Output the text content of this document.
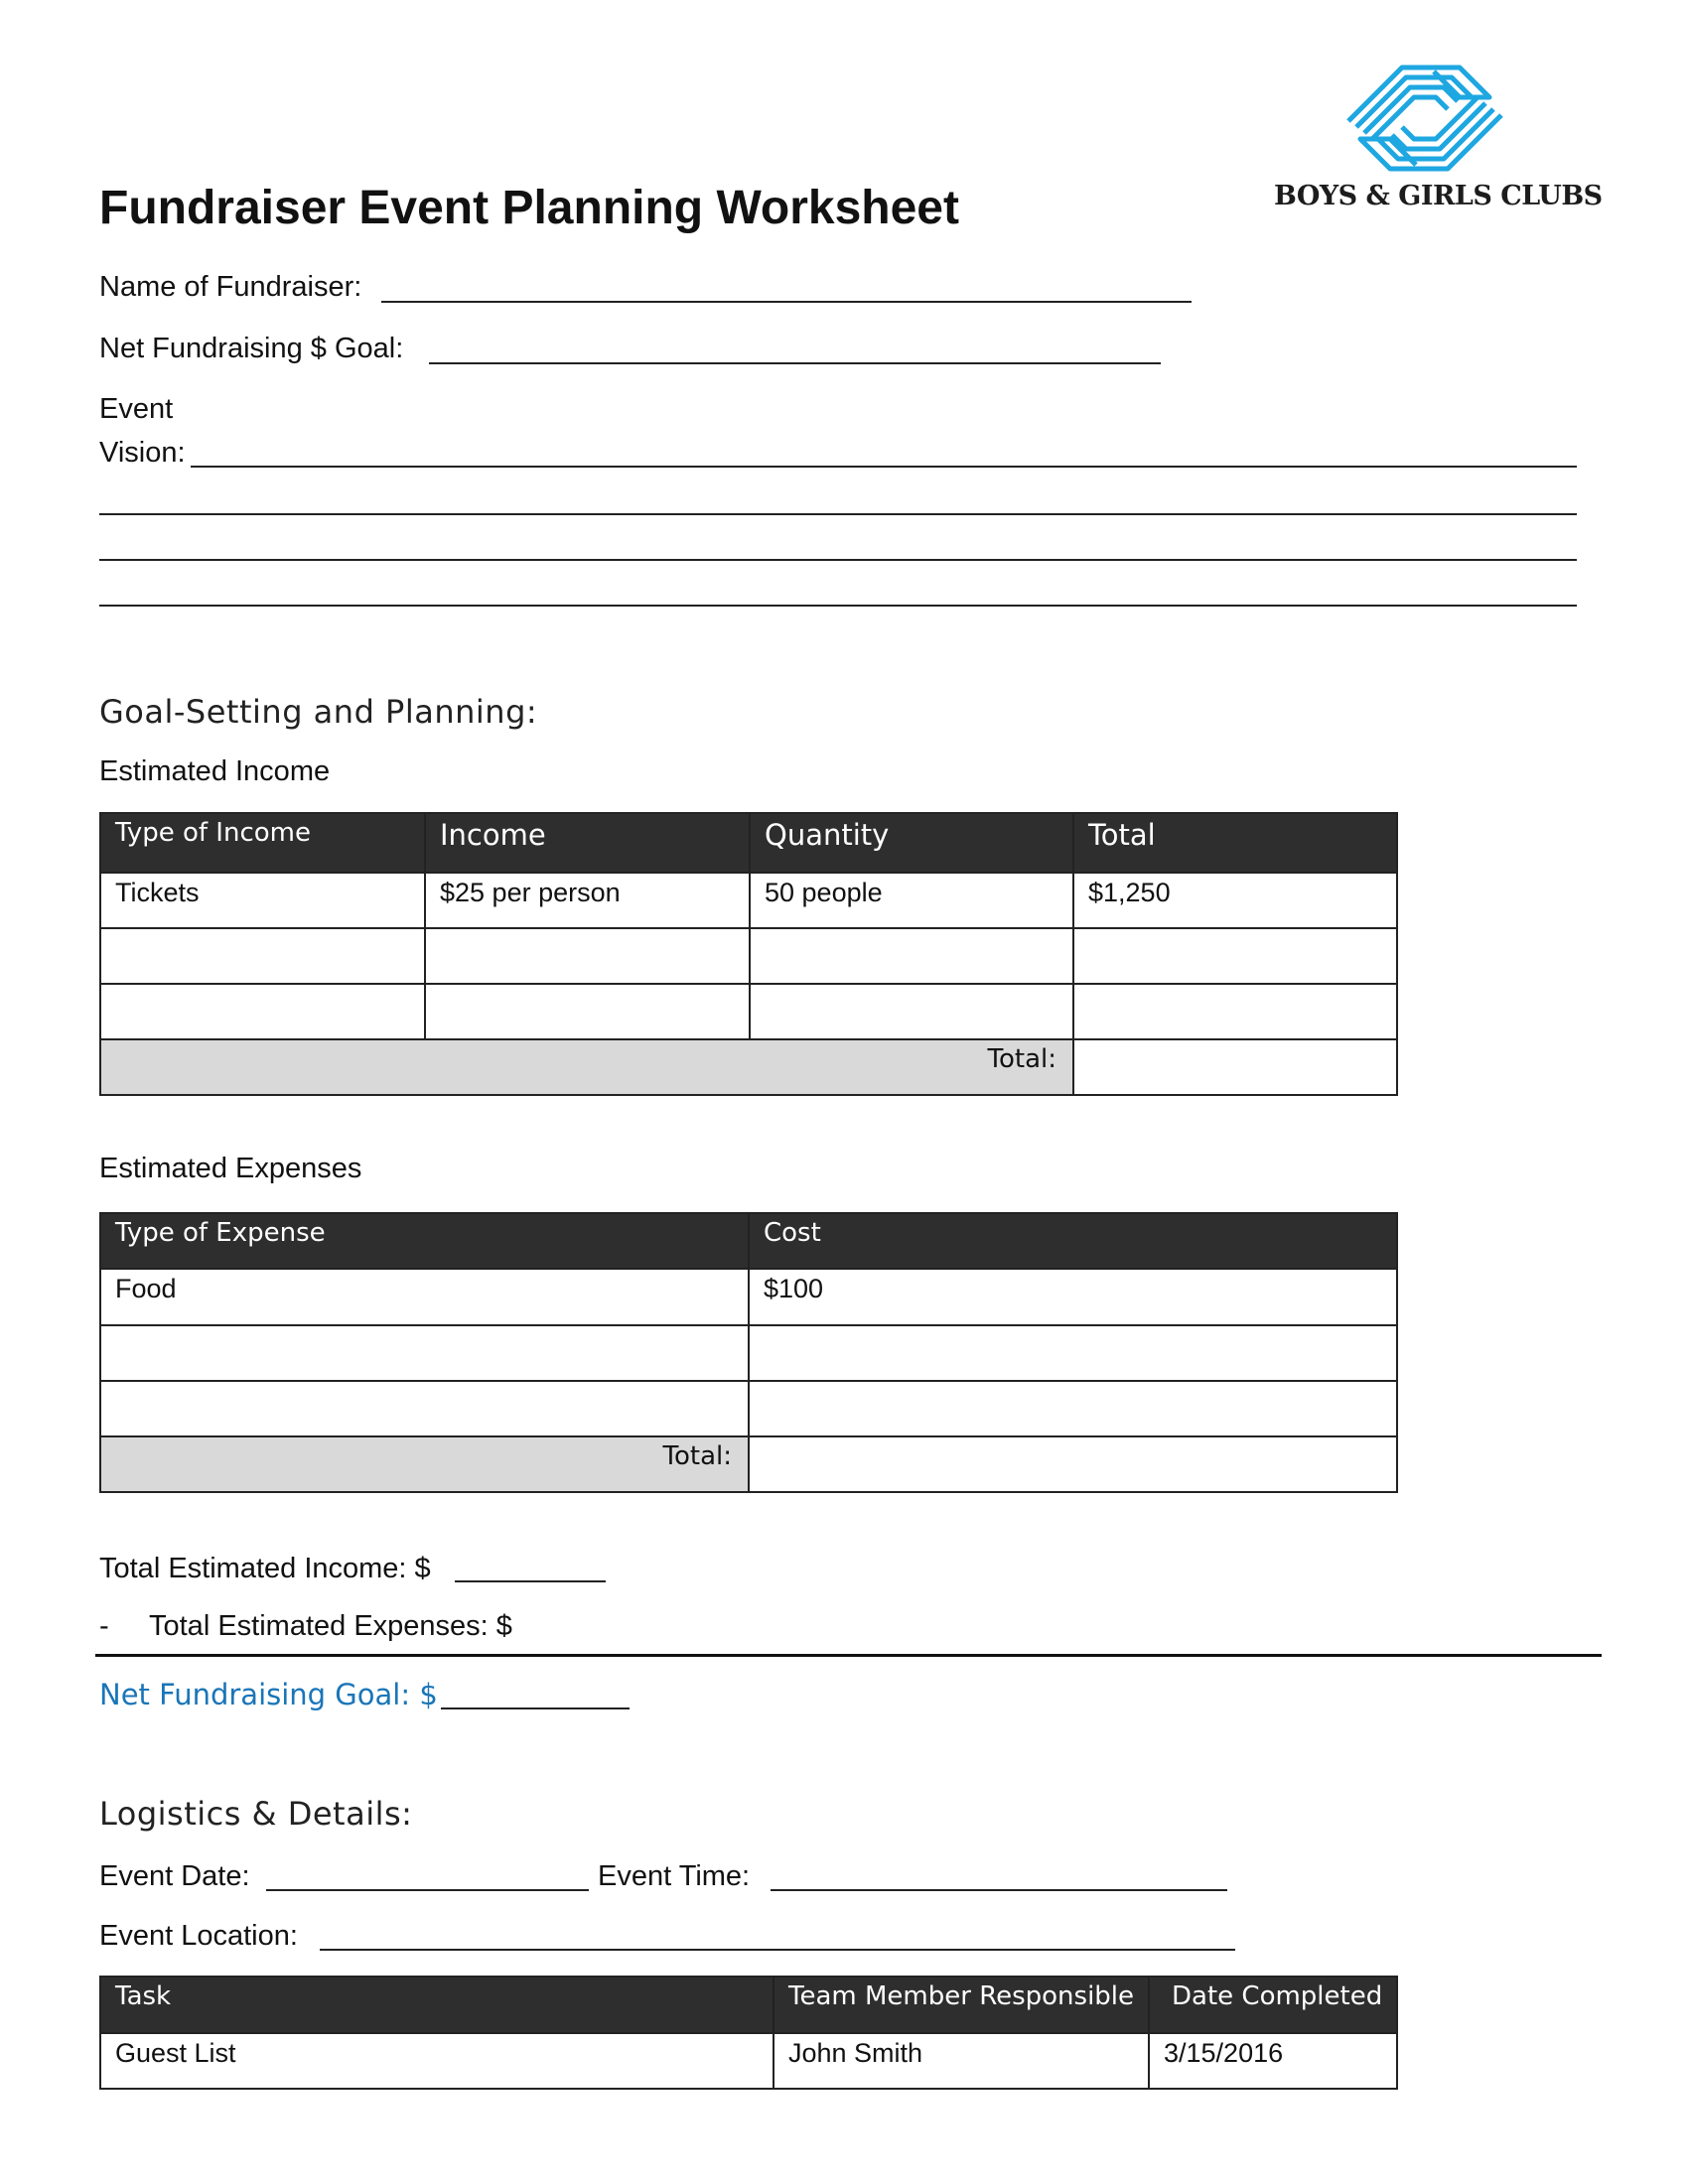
BOYS & GIRLS CLUBS
Fundraiser Event Planning Worksheet
Name of Fundraiser:
Net Fundraising $ Goal:
Event
Vision:
Goal-Setting and Planning:
Estimated Income
Type of Income	Income	Quantity	Total
Tickets	$25 per person	50 people	$1,250

Total:			
Estimated Expenses
Type of Expense	Cost
Food	$100

Total:	
Total Estimated Income: $
- Total Estimated Expenses: $
Net Fundraising Goal: $
Logistics & Details:
Event Date:	Event Time:
Event Location:
Task	Team Member Responsible	Date Completed
Guest List	John Smith	3/15/2016
